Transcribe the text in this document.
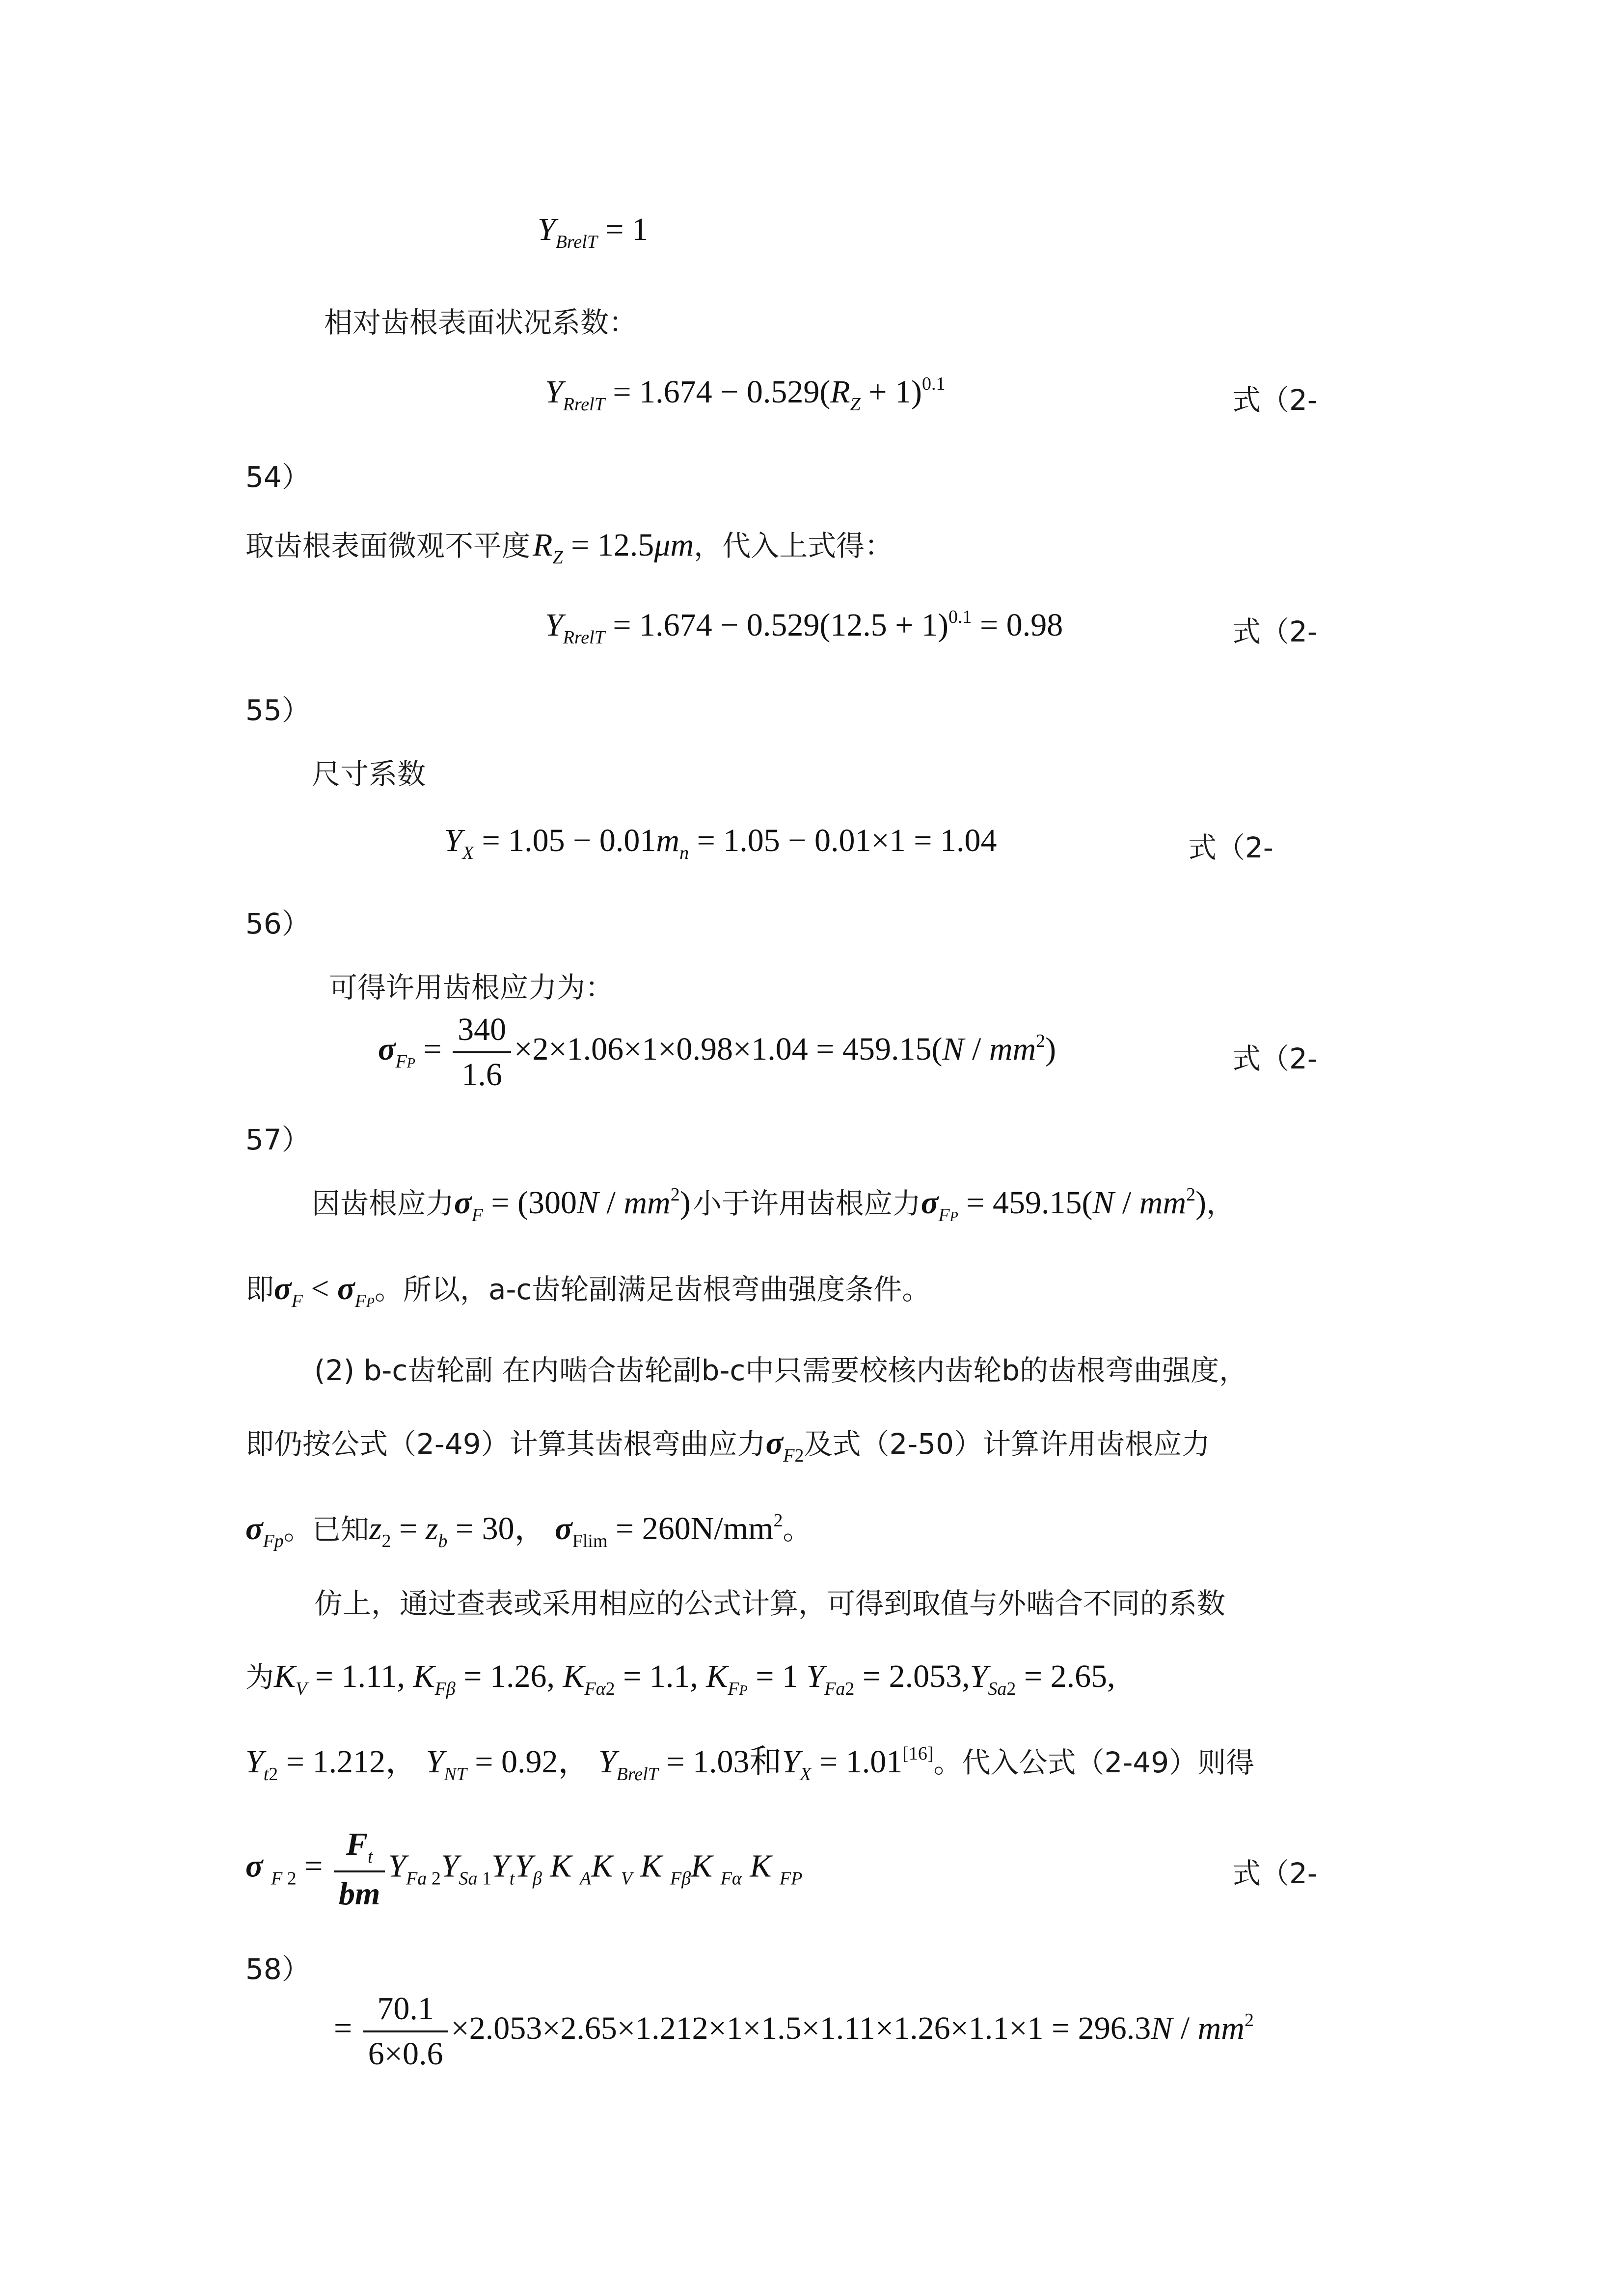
$Y_{BrelT} = 1$
相对齿根表面状况系数：
$Y_{RrelT} = 1.674 - 0.529(R_Z + 1)^{0.1}$	式（2-
54）
取齿根表面微观不平度 $R_Z = 12.5\mu m$，代入上式得：
$Y_{RrelT} = 1.674 - 0.529(12.5 + 1)^{0.1} = 0.98$	式（2-
55）
尺寸系数
$Y_X = 1.05 - 0.01m_n = 1.05 - 0.01\times 1 = 1.04$	式（2-
56）
可得许用齿根应力为：
$\sigma_{FP} = \frac{340}{1.6} \times 2\times 1.06\times 1\times 0.98\times 1.04 = 459.15(N / mm^2)$	式（2-
57）
因齿根应力$\sigma_F = (300N / mm^2)$ 小于许用齿根应力$\sigma_{FP} = 459.15(N / mm^2)$，
即$\sigma_F < \sigma_{FP}$。所以，a-c齿轮副满足齿根弯曲强度条件。
(2) b-c齿轮副 在内啮合齿轮副b-c中只需要校核内齿轮b的齿根弯曲强度，
即仍按公式（2-49）计算其齿根弯曲应力$\sigma_{F2}$及式（2-50）计算许用齿根应力
$\sigma_{Fp}$。已知$z_2 = z_b = 30$， $\sigma_{Flim} = 260N/mm^2$。
仿上，通过查表或采用相应的公式计算，可得到取值与外啮合不同的系数
为$K_V = 1.11$, $K_{F\beta} = 1.26$, $K_{F\alpha 2} = 1.1$, $K_{FP} = 1$ $Y_{Fa2} = 2.053,Y_{Sa2} = 2.65$,
$Y_{t2} = 1.212$， $Y_{NT} = 0.92$， $Y_{BrelT} = 1.03$和$Y_X = 1.01[16]$。代入公式（2-49）则得
σ $_{F 2} = \frac{F_t}{bm} Y_{Fa 2}Y_{Sa 1}Y_tY_\beta$ K $_A$K $_V$ K $_{F\beta}$K $_{F\alpha}$ K $_{FP}$	式（2-
58）
= $\frac{70.1}{6\times 0.6} \times 2.053\times 2.65\times 1.212\times 1\times 1.5\times 1.11\times 1.26\times 1.1\times 1 = 296.3N / mm^2$
